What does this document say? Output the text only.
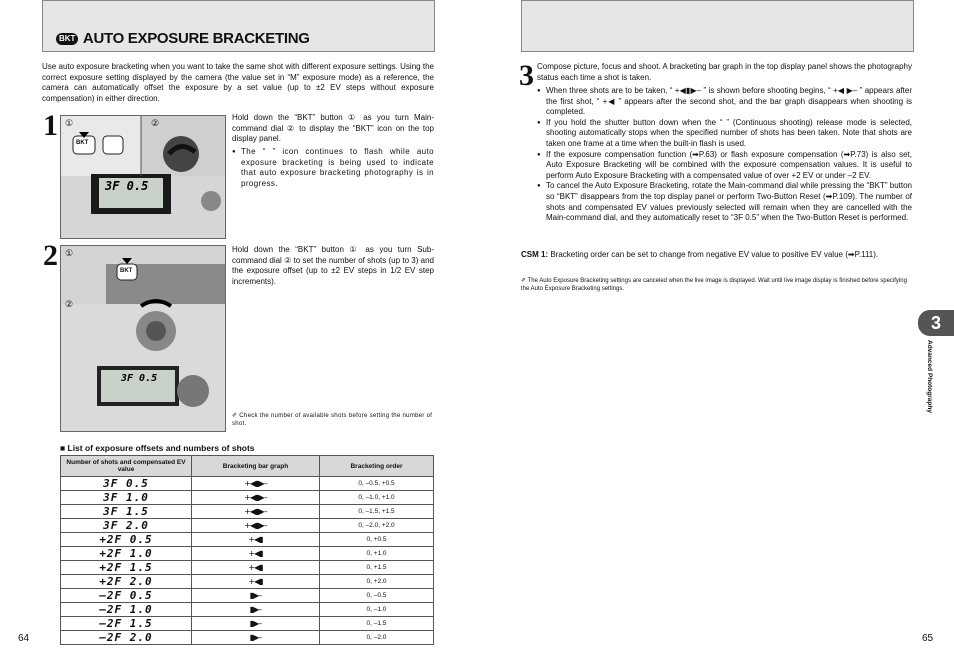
BKT AUTO EXPOSURE BRACKETING
Use auto exposure bracketing when you want to take the same shot with different exposure settings. Using the correct exposure setting displayed by the camera (the value set in “M” exposure mode) as a reference, the camera can automatically offset the exposure by a set value (up to ±2 EV steps without exposure compensation) in either direction.
1 ①	②
BKT
3F 0.5
Hold down the “BKT” button ① as you turn Main-command dial ② to display the “BKT” icon on the top display panel.
● The “ ” icon continues to flash while auto exposure bracketing is being used to indicate that auto exposure bracketing photography is in progress.
2 ①
②
BKT
3F 0.5
Hold down the “BKT” button ① as you turn Sub-command dial ② to set the number of shots (up to 3) and the exposure offset (up to ±2 EV steps in 1/2 EV step increments).
✐ Check the number of available shots before setting the number of shot.
■ List of exposure offsets and numbers of shots
Number of shots and compensated EV value	Bracketing bar graph	Bracketing order
3F 0.5	+◀▮▶–	0, –0.5, +0.5
3F 1.0	+◀▮▶–	0, –1.0, +1.0
3F 1.5	+◀▮▶–	0, –1.5, +1.5
3F 2.0	+◀▮▶–	0, –2.0, +2.0
+2F 0.5	+◀▮	0, +0.5
+2F 1.0	+◀▮	0, +1.0
+2F 1.5	+◀▮	0, +1.5
+2F 2.0	+◀▮	0, +2.0
–2F 0.5	▮▶–	0, –0.5
–2F 1.0	▮▶–	0, –1.0
–2F 1.5	▮▶–	0, –1.5
–2F 2.0	▮▶–	0, –2.0
64
3 Compose picture, focus and shoot. A bracketing bar graph in the top display panel shows the photography status each time a shot is taken.
● When three shots are to be taken, “ +◀▮▶– ” is shown before shooting begins, “ +◀ ▶– ” appears after the first shot, “ +◀ ” appears after the second shot, and the bar graph disappears when shooting is completed.
● If you hold the shutter button down when the “ ” (Continuous shooting) release mode is selected, shooting automatically stops when the specified number of shots has been taken. Note that shots are taken one frame at a time when the built-in flash is used.
● If the exposure compensation function (➡P.63) or flash exposure compensation (➡P.73) is also set, Auto Exposure Bracketing will be combined with the exposure compensation values. It is useful to perform Auto Exposure Bracketing with a compensated value of over +2 EV or under –2 EV.
● To cancel the Auto Exposure Bracketing, rotate the Main-command dial while pressing the “BKT” button so “BKT” disappears from the top display panel or perform Two-Button Reset (➡P.109). The number of shots and compensated EV values previously selected will remain when they are cancelled with the Main-command dial, and they automatically reset to “3F 0.5” when the Two-Button Reset is performed.
CSM 1: Bracketing order can be set to change from negative EV value to positive EV value (➡P.111).
✐ The Auto Exposure Bracketing settings are canceled when the live image is displayed. Wait until live image display is finished before specifying the Auto Exposure Bracketing settings.
3
Advanced Photography
65
